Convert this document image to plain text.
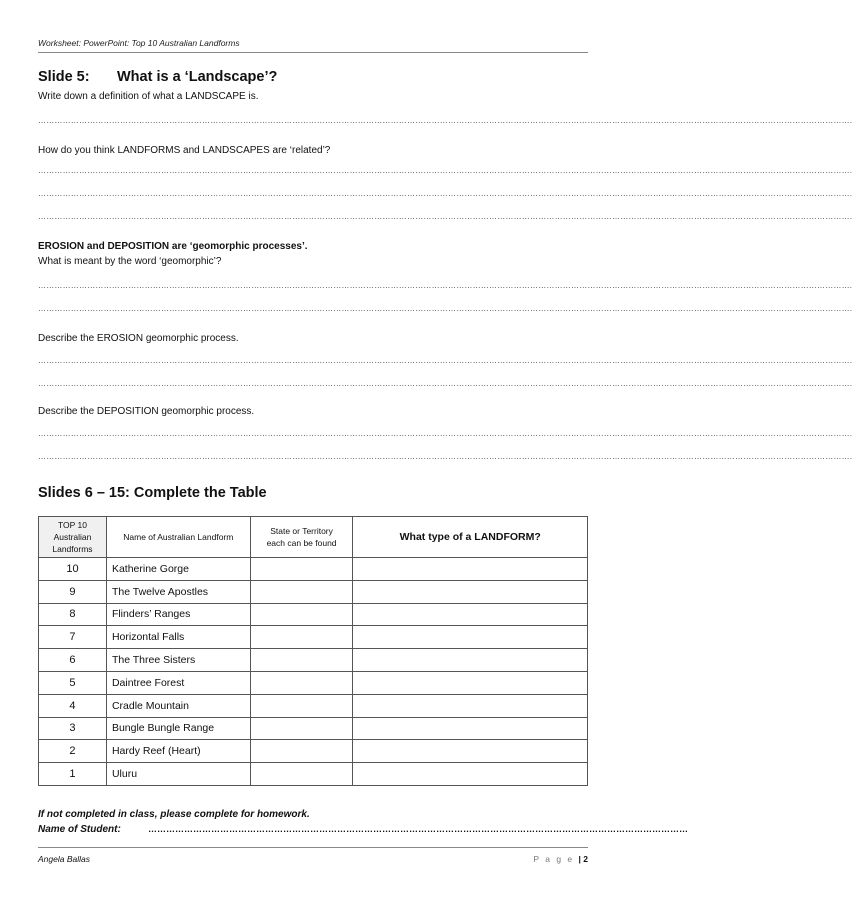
Worksheet: PowerPoint: Top 10 Australian Landforms
Slide 5: What is a ‘Landscape’?
Write down a definition of what a LANDSCAPE is.
……………………………………………………………………………………………………………………………………………………………………………………………………………………………………………………………………….
How do you think LANDFORMS and LANDSCAPES are ‘related’?
……………………………………………………………………………………………………………………………………………………………………………………………………………………………………………………………………….
……………………………………………………………………………………………………………………………………………………………………………………………………………………………………………………………………….
……………………………………………………………………………………………………………………………………………………………………………………………………………………………………………………………………….
EROSION and DEPOSITION are ‘geomorphic processes’.
What is meant by the word ‘geomorphic’?
……………………………………………………………………………………………………………………………………………………………………………………………………………………………………………………………………….
……………………………………………………………………………………………………………………………………………………………………………………………………………………………………………………………………….
Describe the EROSION geomorphic process.
……………………………………………………………………………………………………………………………………………………………………………………………………………………………………………………………………….
……………………………………………………………………………………………………………………………………………………………………………………………………………………………………………………………………….
Describe the DEPOSITION geomorphic process.
……………………………………………………………………………………………………………………………………………………………………………………………………………………………………………………………………….
……………………………………………………………………………………………………………………………………………………………………………………………………………………………………………………………………….
Slides 6 – 15: Complete the Table
TOP 10
Australian
Landforms	Name of Australian Landform	State or Territory
each can be found	What type of a LANDFORM?
10	Katherine Gorge		
9	The Twelve Apostles		
8	Flinders’ Ranges		
7	Horizontal Falls		
6	The Three Sisters		
5	Daintree Forest		
4	Cradle Mountain		
3	Bungle Bungle Range		
2	Hardy Reef (Heart)		
1	Uluru		
If not completed in class, please complete for homework.
Name of Student:	………………………………………………………………………………………………………………………………………………………………
Angela Ballas	P a g e | 2
